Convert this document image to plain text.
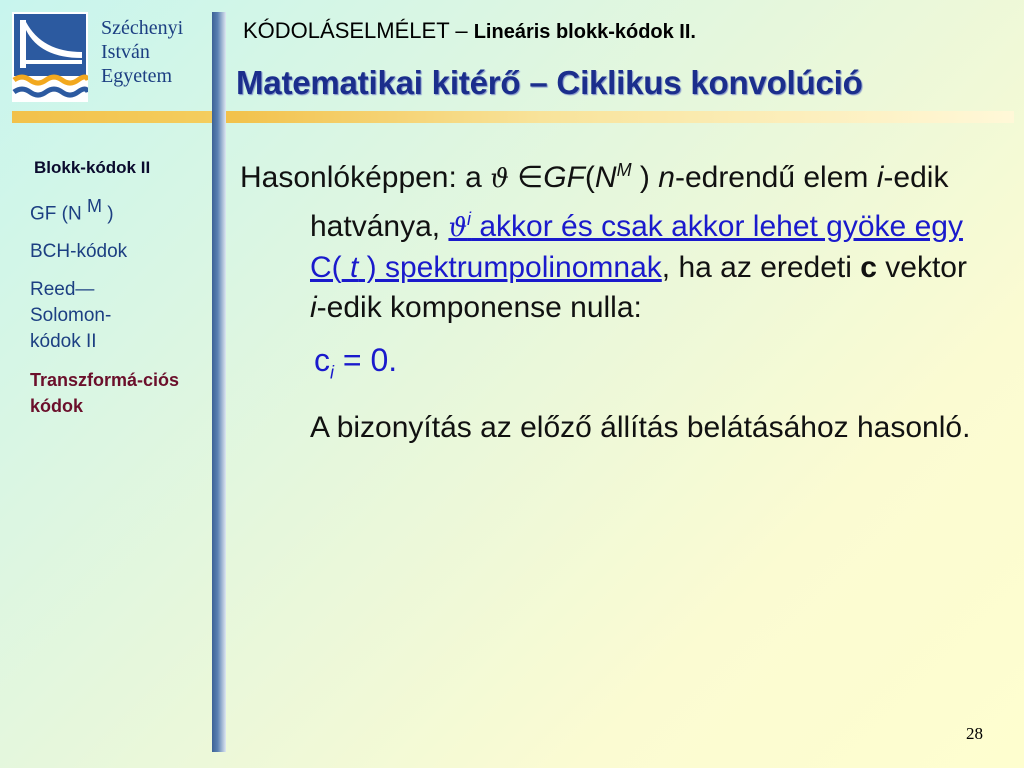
Széchenyi
István
Egyetem
KÓDOLÁSELMÉLET – Lineáris blokk-kódok II.
Matematikai kitérő – Ciklikus konvolúció
Blokk-kódok II
GF (N $^M$ )
BCH-kódok
Reed—Solomon-kódok II
Transzformá-ciós kódok
Hasonlóképpen: a ϑ $\in GF(N^M$ ) n-edrendű elem i-edik hatványa, $ϑ^i$ akkor és csak akkor lehet gyöke egy C( t ) spektrumpolinomnak, ha az eredeti c vektor i-edik komponense nulla:
$c_i = 0$.
A bizonyítás az előző állítás belátásához hasonló.
28
